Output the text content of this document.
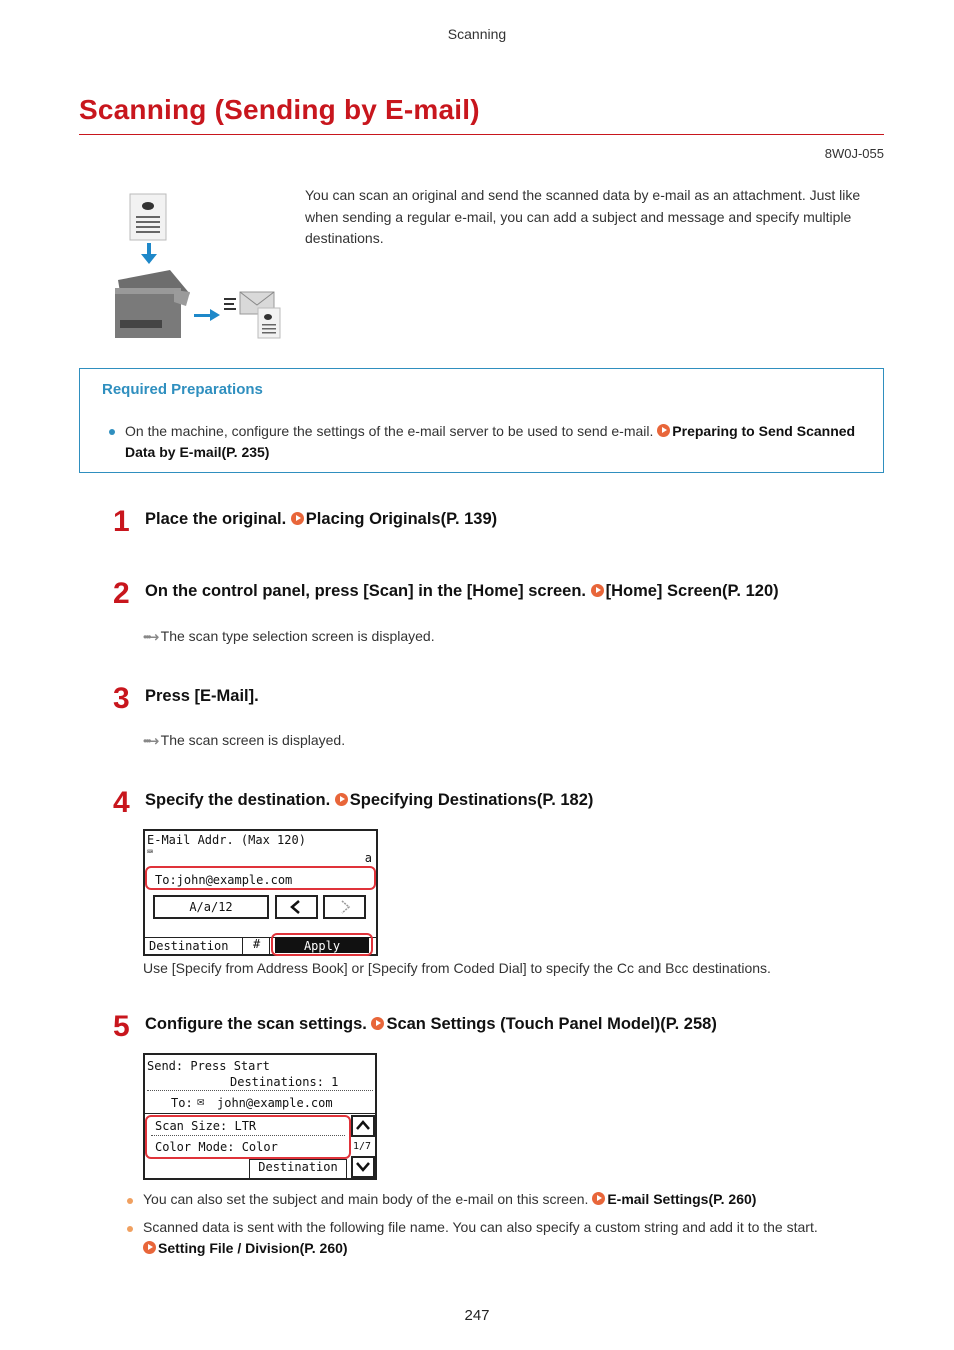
Scanning
Scanning (Sending by E-mail)
8W0J-055

You can scan an original and send the scanned data by e-mail as an attachment. Just like when sending a regular e-mail, you can add a subject and message and specify multiple destinations.

Required Preparations
On the machine, configure the settings of the e-mail server to be used to send e-mail. Preparing to Send Scanned Data by E-mail(P. 235)
1 Place the original. Placing Originals(P. 139)
2 On the control panel, press [Scan] in the [Home] screen. [Home] Screen(P. 120)
•••➜ The scan type selection screen is displayed.
3 Press [E-Mail].
•••➜ The scan screen is displayed.
4 Specify the destination. Specifying Destinations(P. 182)
E-Mail Addr. (Max 120)
⌨	a
To:john@example.com
A/a/12
Destination #	Apply
Use [Specify from Address Book] or [Specify from Coded Dial] to specify the Cc and Bcc destinations.
5 Configure the scan settings. Scan Settings (Touch Panel Model)(P. 258)
Send: Press Start
Destinations: 1
To: ✉ john@example.com
Scan Size: LTR
Color Mode: Color	1/7
Destination
You can also set the subject and main body of the e-mail on this screen. E-mail Settings(P. 260)
Scanned data is sent with the following file name. You can also specify a custom string and add it to the start.
Setting File / Division(P. 260)
247
